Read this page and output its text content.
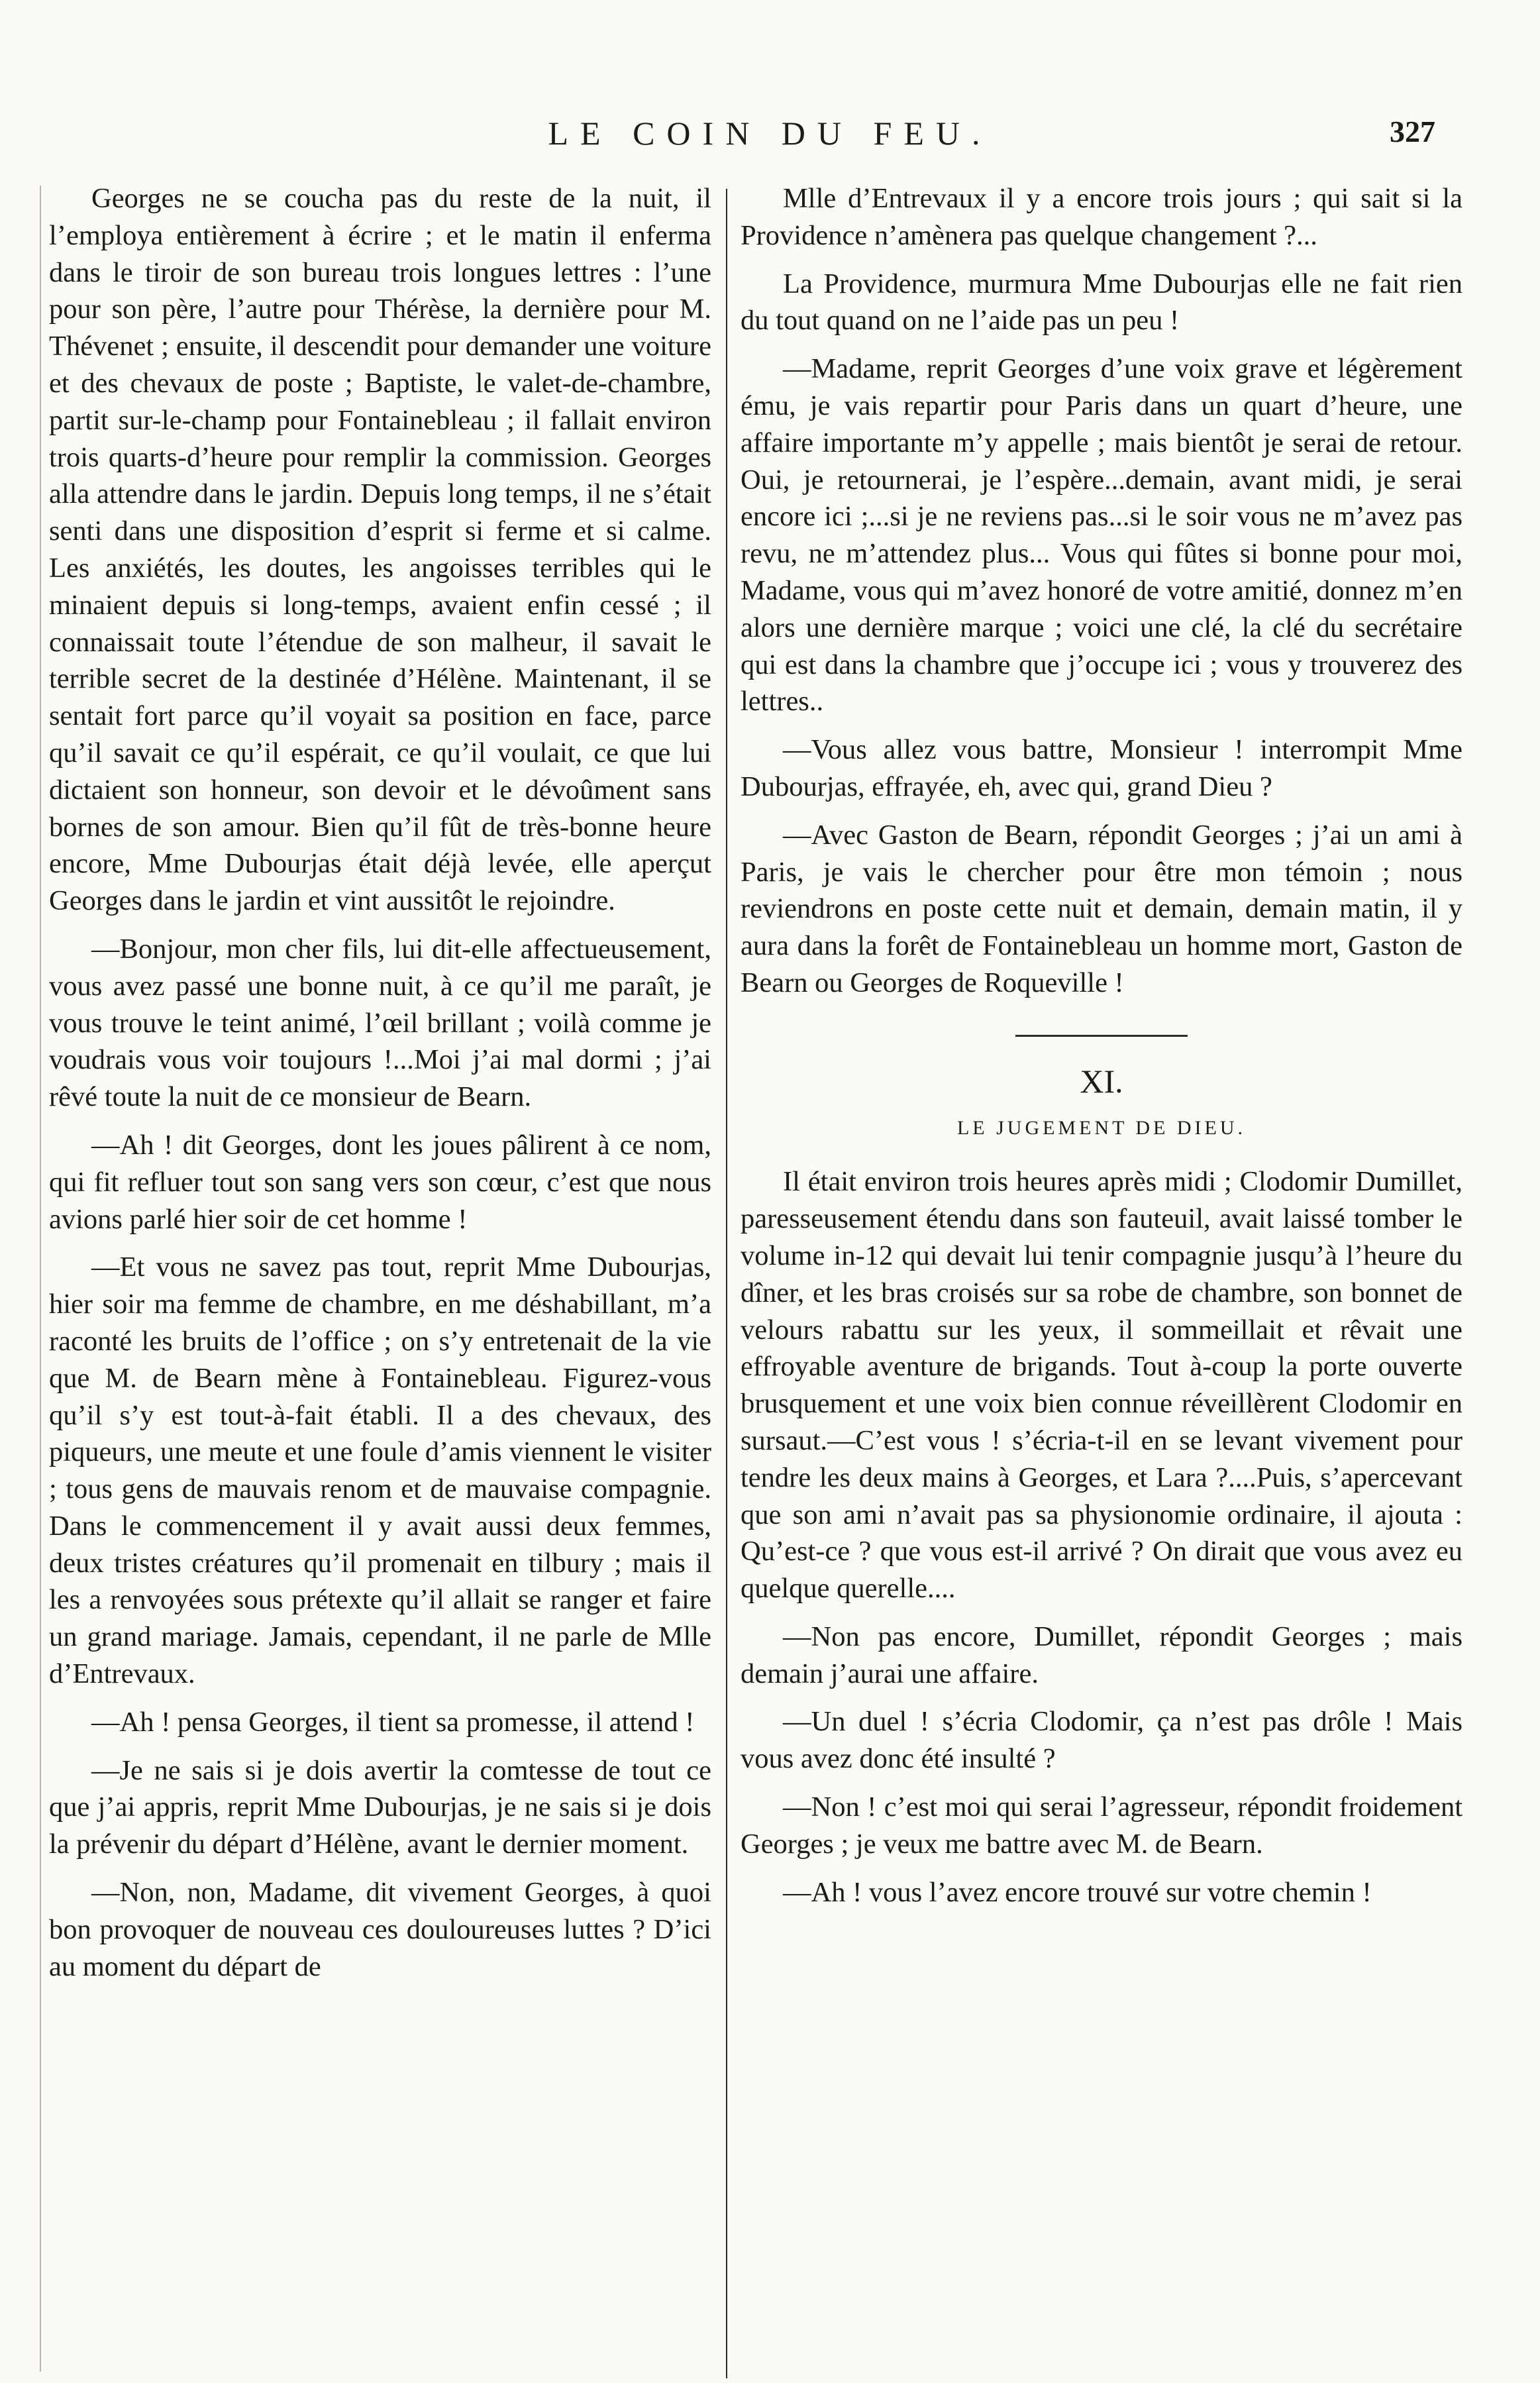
LE COIN DU FEU.	327

Georges ne se coucha pas du reste de la nuit, il l’employa entièrement à écrire ; et le matin il enferma dans le tiroir de son bureau trois longues lettres : l’une pour son père, l’autre pour Thérèse, la dernière pour M. Thévenet ; ensuite, il descendit pour demander une voiture et des chevaux de poste ; Baptiste, le valet-de-chambre, partit sur-le-champ pour Fontainebleau ; il fallait environ trois quarts-d’heure pour remplir la commission. Georges alla attendre dans le jardin. Depuis long temps, il ne s’était senti dans une disposition d’esprit si ferme et si calme. Les anxiétés, les doutes, les angoisses terribles qui le minaient depuis si long-temps, avaient enfin cessé ; il connaissait toute l’étendue de son malheur, il savait le terrible secret de la destinée d’Hélène. Maintenant, il se sentait fort parce qu’il voyait sa position en face, parce qu’il savait ce qu’il espérait, ce qu’il voulait, ce que lui dictaient son honneur, son devoir et le dévoûment sans bornes de son amour. Bien qu’il fût de très-bonne heure encore, Mme Dubourjas était déjà levée, elle aperçut Georges dans le jardin et vint aussitôt le rejoindre.

—Bonjour, mon cher fils, lui dit-elle affectueusement, vous avez passé une bonne nuit, à ce qu’il me paraît, je vous trouve le teint animé, l’œil brillant ; voilà comme je voudrais vous voir toujours !...Moi j’ai mal dormi ; j’ai rêvé toute la nuit de ce monsieur de Bearn.

—Ah ! dit Georges, dont les joues pâlirent à ce nom, qui fit refluer tout son sang vers son cœur, c’est que nous avions parlé hier soir de cet homme !

—Et vous ne savez pas tout, reprit Mme Dubourjas, hier soir ma femme de chambre, en me déshabillant, m’a raconté les bruits de l’office ; on s’y entretenait de la vie que M. de Bearn mène à Fontainebleau. Figurez-vous qu’il s’y est tout-à-fait établi. Il a des chevaux, des piqueurs, une meute et une foule d’amis viennent le visiter ; tous gens de mauvais renom et de mauvaise compagnie. Dans le commencement il y avait aussi deux femmes, deux tristes créatures qu’il promenait en tilbury ; mais il les a renvoyées sous prétexte qu’il allait se ranger et faire un grand mariage. Jamais, cependant, il ne parle de Mlle d’Entrevaux.

—Ah ! pensa Georges, il tient sa promesse, il attend !

—Je ne sais si je dois avertir la comtesse de tout ce que j’ai appris, reprit Mme Dubourjas, je ne sais si je dois la prévenir du départ d’Hélène, avant le dernier moment.

—Non, non, Madame, dit vivement Georges, à quoi bon provoquer de nouveau ces douloureuses luttes ? D’ici au moment du départ de

Mlle d’Entrevaux il y a encore trois jours ; qui sait si la Providence n’amènera pas quelque changement ?...

La Providence, murmura Mme Dubourjas elle ne fait rien du tout quand on ne l’aide pas un peu !

—Madame, reprit Georges d’une voix grave et légèrement ému, je vais repartir pour Paris dans un quart d’heure, une affaire importante m’y appelle ; mais bientôt je serai de retour. Oui, je retournerai, je l’espère...demain, avant midi, je serai encore ici ;...si je ne reviens pas...si le soir vous ne m’avez pas revu, ne m’attendez plus... Vous qui fûtes si bonne pour moi, Madame, vous qui m’avez honoré de votre amitié, donnez m’en alors une dernière marque ; voici une clé, la clé du secrétaire qui est dans la chambre que j’occupe ici ; vous y trouverez des lettres..

—Vous allez vous battre, Monsieur ! interrompit Mme Dubourjas, effrayée, eh, avec qui, grand Dieu ?

—Avec Gaston de Bearn, répondit Georges ; j’ai un ami à Paris, je vais le chercher pour être mon témoin ; nous reviendrons en poste cette nuit et demain, demain matin, il y aura dans la forêt de Fontainebleau un homme mort, Gaston de Bearn ou Georges de Roqueville !

XI.
LE JUGEMENT DE DIEU.

Il était environ trois heures après midi ; Clodomir Dumillet, paresseusement étendu dans son fauteuil, avait laissé tomber le volume in-12 qui devait lui tenir compagnie jusqu’à l’heure du dîner, et les bras croisés sur sa robe de chambre, son bonnet de velours rabattu sur les yeux, il sommeillait et rêvait une effroyable aventure de brigands. Tout à-coup la porte ouverte brusquement et une voix bien connue réveillèrent Clodomir en sursaut.—C’est vous ! s’écria-t-il en se levant vivement pour tendre les deux mains à Georges, et Lara ?....Puis, s’apercevant que son ami n’avait pas sa physionomie ordinaire, il ajouta : Qu’est-ce ? que vous est-il arrivé ? On dirait que vous avez eu quelque querelle....

—Non pas encore, Dumillet, répondit Georges ; mais demain j’aurai une affaire.

—Un duel ! s’écria Clodomir, ça n’est pas drôle ! Mais vous avez donc été insulté ?

—Non ! c’est moi qui serai l’agresseur, répondit froidement Georges ; je veux me battre avec M. de Bearn.

—Ah ! vous l’avez encore trouvé sur votre chemin !
